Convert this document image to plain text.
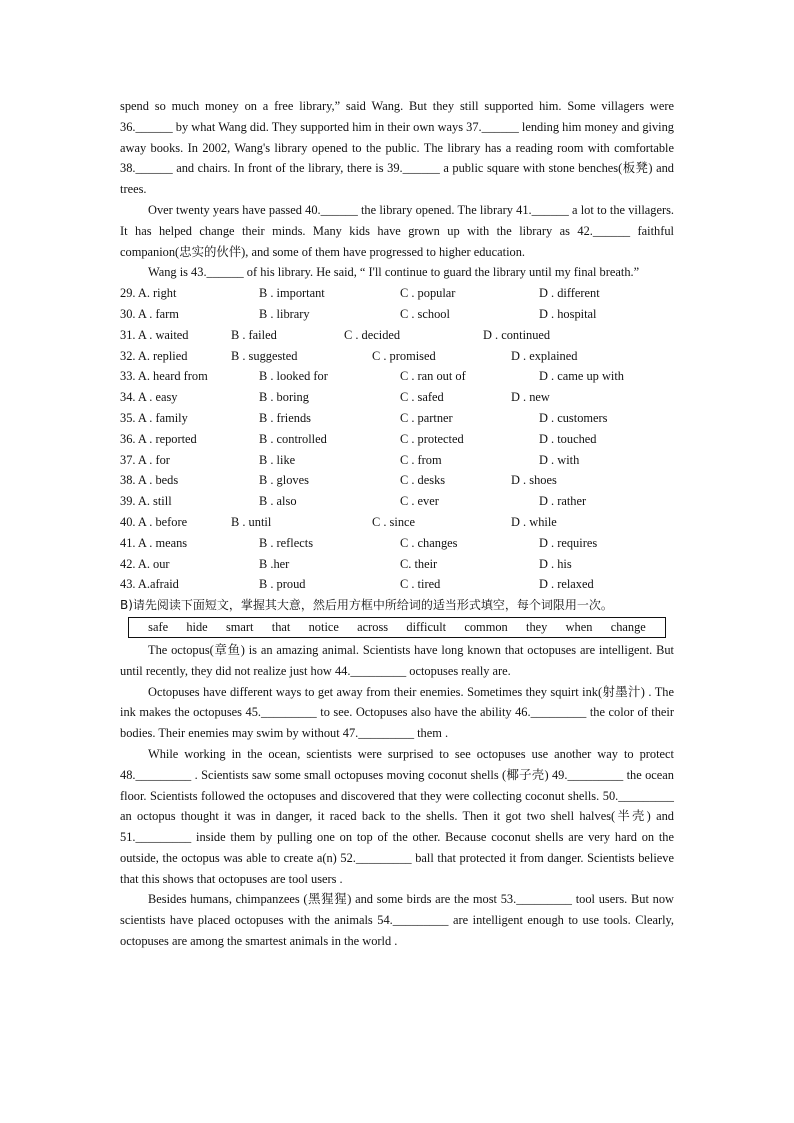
spend so much money on a free library,” said Wang. But they still supported him. Some villagers were 36.______ by what Wang did. They supported him in their own ways 37.______ lending him money and giving away books. In 2002, Wang's library opened to the public. The library has a reading room with comfortable 38.______ and chairs. In front of the library, there is 39.______ a public square with stone benches(板凳) and trees.

Over twenty years have passed 40.______ the library opened. The library 41.______ a lot to the villagers. It has helped change their minds. Many kids have grown up with the library as 42.______ faithful companion(忠实的伙伴), and some of them have progressed to higher education.

Wang is 43.______ of his library. He said, “ I'll continue to guard the library until my final breath.”

29. A. right	B . important	C . popular	D . different
30. A . farm	B . library	C . school	D . hospital
31. A . waited	B . failed	C . decided	D . continued
32. A. replied	B . suggested	C . promised	D . explained
33. A. heard from	B . looked for	C . ran out of	D . came up with
34. A . easy	B . boring	C . safed	D . new
35. A . family	B . friends	C . partner	D . customers
36. A . reported	B . controlled	C . protected	D . touched
37. A . for	B . like	C . from	D . with
38. A . beds	B . gloves	C . desks	D . shoes
39. A. still	B . also	C . ever	D . rather
40. A . before	B . until	C . since	D . while
41. A . means	B . reflects	C . changes	D . requires
42. A. our	B .her	C. their	D . his
43. A.afraid	B . proud	C . tired	D . relaxed

B)请先阅读下面短文，掌握其大意，然后用方框中所给词的适当形式填空，每个词限用一次。

safe hide smart that notice across difficult common they when change

The octopus(章鱼) is an amazing animal. Scientists have long known that octopuses are intelligent. But until recently, they did not realize just how 44._________ octopuses really are.

Octopuses have different ways to get away from their enemies. Sometimes they squirt ink(射墨汁) . The ink makes the octopuses 45._________ to see. Octopuses also have the ability 46._________ the color of their bodies. Their enemies may swim by without 47._________ them .

While working in the ocean, scientists were surprised to see octopuses use another way to protect 48._________ . Scientists saw some small octopuses moving coconut shells (椰子壳) 49._________ the ocean floor. Scientists followed the octopuses and discovered that they were collecting coconut shells. 50._________ an octopus thought it was in danger, it raced back to the shells. Then it got two shell halves(半壳) and 51._________ inside them by pulling one on top of the other. Because coconut shells are very hard on the outside, the octopus was able to create a(n) 52._________ ball that protected it from danger. Scientists believe that this shows that octopuses are tool users .

Besides humans, chimpanzees (黑猩猩) and some birds are the most 53._________ tool users. But now scientists have placed octopuses with the animals 54._________ are intelligent enough to use tools. Clearly, octopuses are among the smartest animals in the world .
